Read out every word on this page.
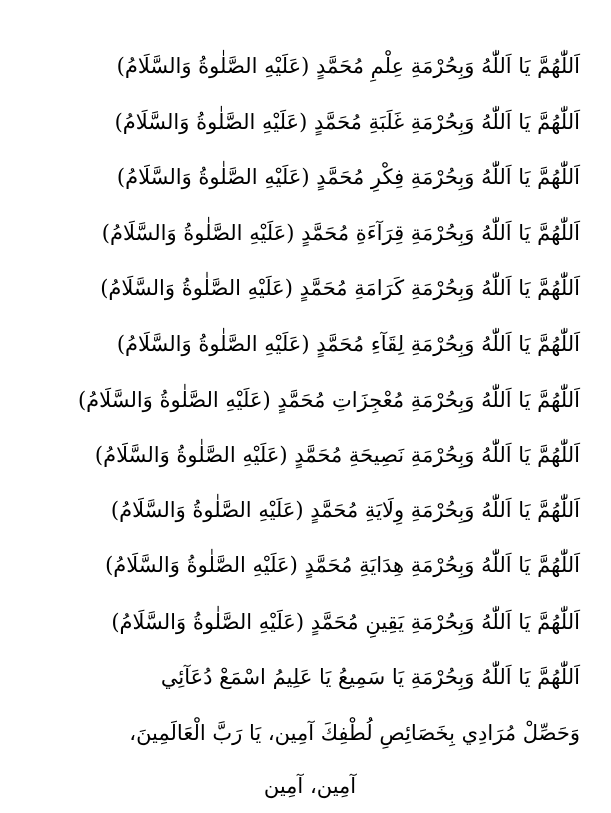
اَللّٰهُمَّ يَا اَللّٰهُ وَبِحُرْمَةِ عِلْمِ مُحَمَّدٍ (عَلَيْهِ الصَّلٰوةُ وَالسَّلَامُ)
اَللّٰهُمَّ يَا اَللّٰهُ وَبِحُرْمَةِ غَلَبَةِ مُحَمَّدٍ (عَلَيْهِ الصَّلٰوةُ وَالسَّلَامُ)
اَللّٰهُمَّ يَا اَللّٰهُ وَبِحُرْمَةِ فِكْرِ مُحَمَّدٍ (عَلَيْهِ الصَّلٰوةُ وَالسَّلَامُ)
اَللّٰهُمَّ يَا اَللّٰهُ وَبِحُرْمَةِ قِرَآءَةِ مُحَمَّدٍ (عَلَيْهِ الصَّلٰوةُ وَالسَّلَامُ)
اَللّٰهُمَّ يَا اَللّٰهُ وَبِحُرْمَةِ كَرَامَةِ مُحَمَّدٍ (عَلَيْهِ الصَّلٰوةُ وَالسَّلَامُ)
اَللّٰهُمَّ يَا اَللّٰهُ وَبِحُرْمَةِ لِقَآءِ مُحَمَّدٍ (عَلَيْهِ الصَّلٰوةُ وَالسَّلَامُ)
اَللّٰهُمَّ يَا اَللّٰهُ وَبِحُرْمَةِ مُعْجِزَاتِ مُحَمَّدٍ (عَلَيْهِ الصَّلٰوةُ وَالسَّلَامُ)
اَللّٰهُمَّ يَا اَللّٰهُ وَبِحُرْمَةِ نَصِيحَةِ مُحَمَّدٍ (عَلَيْهِ الصَّلٰوةُ وَالسَّلَامُ)
اَللّٰهُمَّ يَا اَللّٰهُ وَبِحُرْمَةِ وِلَايَةِ مُحَمَّدٍ (عَلَيْهِ الصَّلٰوةُ وَالسَّلَامُ)
اَللّٰهُمَّ يَا اَللّٰهُ وَبِحُرْمَةِ هِدَايَةِ مُحَمَّدٍ (عَلَيْهِ الصَّلٰوةُ وَالسَّلَامُ)
اَللّٰهُمَّ يَا اَللّٰهُ وَبِحُرْمَةِ يَقِينِ مُحَمَّدٍ (عَلَيْهِ الصَّلٰوةُ وَالسَّلَامُ)
اَللّٰهُمَّ يَا اَللّٰهُ وَبِحُرْمَةِ يَا سَمِيعُ يَا عَلِيمُ اسْمَعْ دُعَآئِي
وَحَصِّلْ مُرَادِي بِخَصَائِصِ لُطْفِكَ آمِين، يَا رَبَّ الْعَالَمِينَ،
آمِين، آمِين
